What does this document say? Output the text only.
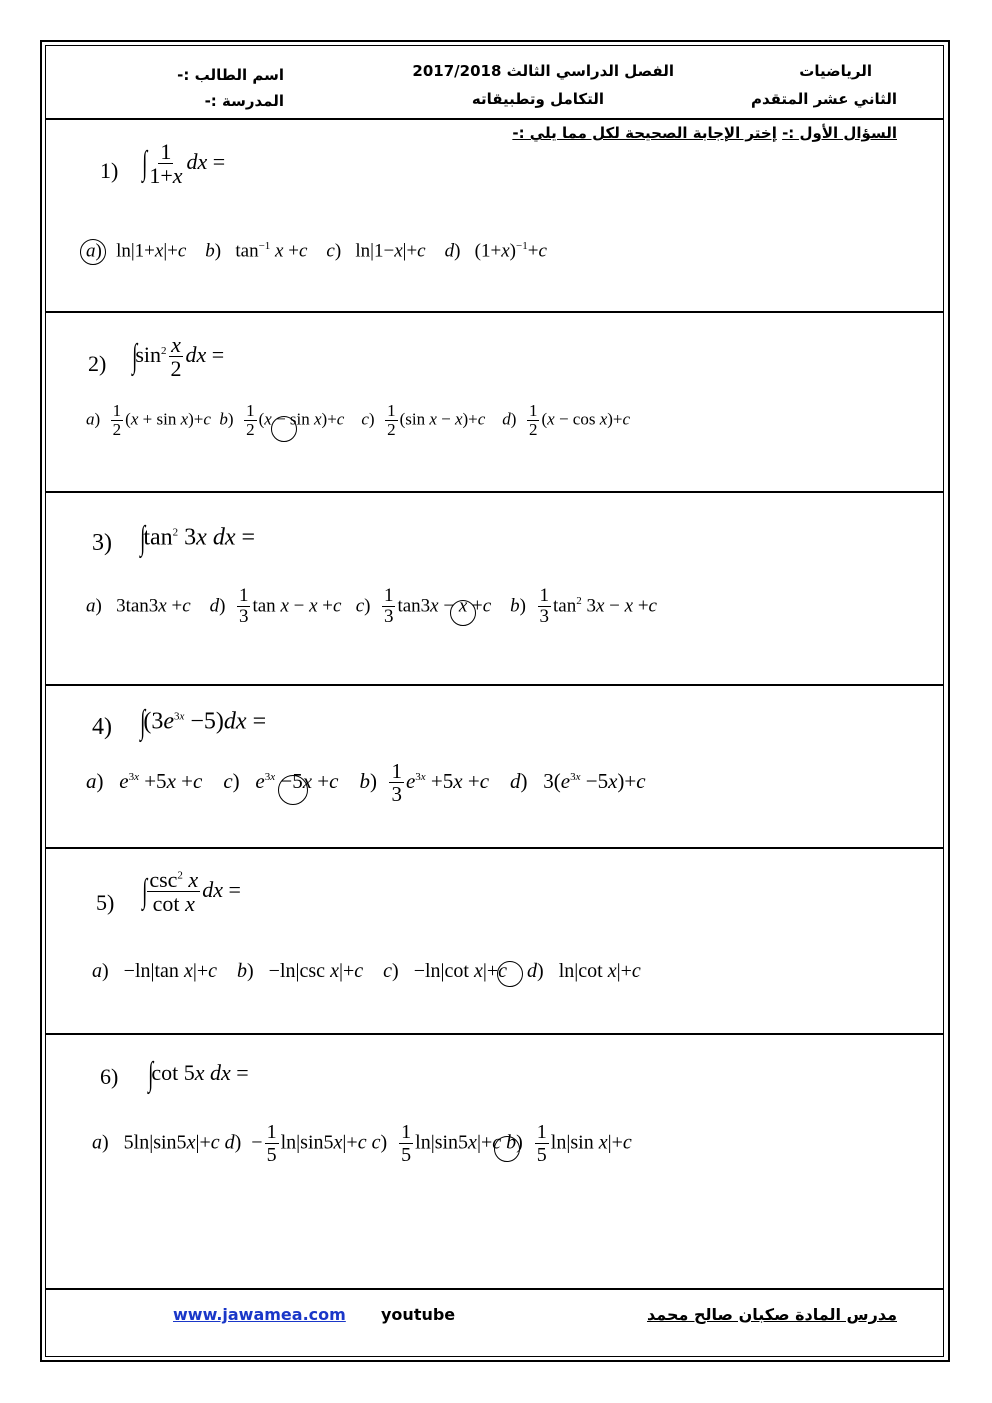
الرياضيات
الثاني عشر المتقدم
الفصل الدراسي الثالث 2017/2018
التكامل وتطبيقاته
اسم الطالب :-
المدرسة :-
السؤال الأول :- إختر الإجابة الصحيحة لكل مما يلي :-
1) ∫ $\frac{1}{1+x}$ dx =
a)   ln|1+x|+c b)   $\tan^{-1} x +c$ c)   ln|1−x|+c d)   $(1+x)^{-1}+c$
2) $\int\sin^2 \frac{x}{2}$ dx =
$a) \frac{1}{2} (x + \sin x)+c$ $b) \frac{1}{2} (x - \sin x)+c$ $c) \frac{1}{2} (\sin$ x − x)+c $d) \frac{1}{2} (x - \cos x)+c$
3) $\int\tan^2$ 3x dx =
a)   3tan3x +c $d) \frac{1}{3}$ tan x − x +c $c) \frac{1}{3} \tan 3x - x +c$ $b) \frac{1}{3} \tan^2 3x - x +c$
4) $\int(3e^{3x} -5)dx$ =
a)   $e^{3x} +5x +c$ c)   $e^{3x} -5x +c$ $b) \frac{1}{3} e^{3x} +5x +c$ d)   $3(e^{3x} -5x)+c$
5) ∫ $\frac{\csc^2 x}{\text{cot x}}$ dx =
a)   −ln|tan x|+c b)   −ln|csc x|+c c)   −ln|cot x|+c d)   ln|cot x|+c
6) ∫cot 5x dx =
a)   5ln|sin5x|+c $d) - \frac{1}{5} \ln|\sin 5x|+c$ $c) \frac{1}{5} \ln|\sin 5x|+c$ $b) \frac{1}{5} \ln|\sin$ x|+c
www.jawamea.com youtube	مدرس المادة صكبان صالح محمد
